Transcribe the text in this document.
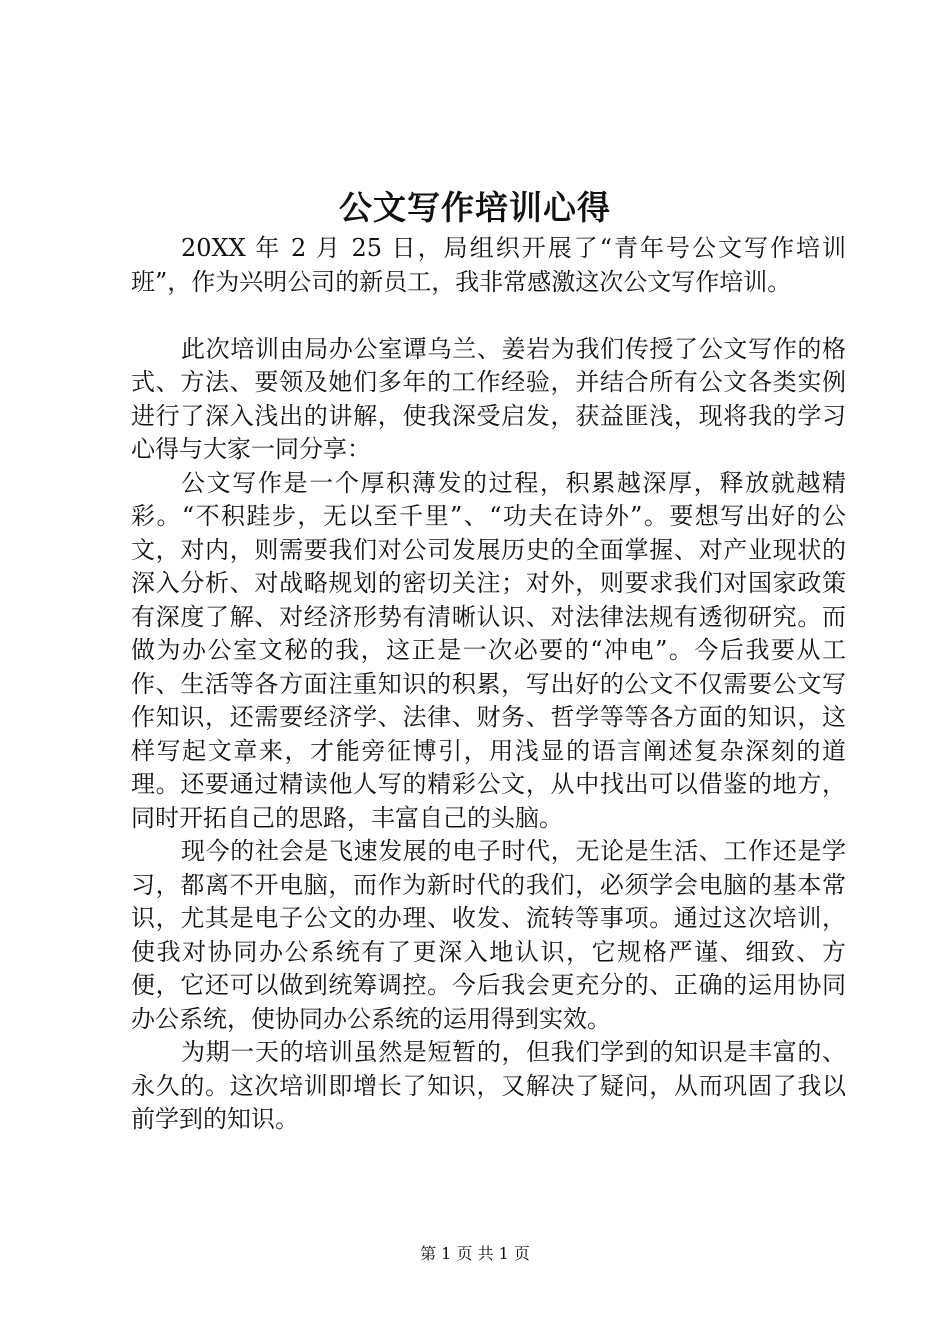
公文写作培训心得

20XX 年 2 月 25 日，局组织开展了“青年号公文写作培训班”，作为兴明公司的新员工，我非常感激这次公文写作培训。

此次培训由局办公室谭乌兰、姜岩为我们传授了公文写作的格式、方法、要领及她们多年的工作经验，并结合所有公文各类实例进行了深入浅出的讲解，使我深受启发，获益匪浅，现将我的学习心得与大家一同分享：

公文写作是一个厚积薄发的过程，积累越深厚，释放就越精彩。“不积跬步，无以至千里”、“功夫在诗外”。要想写出好的公文，对内，则需要我们对公司发展历史的全面掌握、对产业现状的深入分析、对战略规划的密切关注；对外，则要求我们对国家政策有深度了解、对经济形势有清晰认识、对法律法规有透彻研究。而做为办公室文秘的我，这正是一次必要的“冲电”。今后我要从工作、生活等各方面注重知识的积累，写出好的公文不仅需要公文写作知识，还需要经济学、法律、财务、哲学等等各方面的知识，这样写起文章来，才能旁征博引，用浅显的语言阐述复杂深刻的道理。还要通过精读他人写的精彩公文，从中找出可以借鉴的地方，同时开拓自己的思路，丰富自己的头脑。

现今的社会是飞速发展的电子时代，无论是生活、工作还是学习，都离不开电脑，而作为新时代的我们，必须学会电脑的基本常识，尤其是电子公文的办理、收发、流转等事项。通过这次培训，使我对协同办公系统有了更深入地认识，它规格严谨、细致、方便，它还可以做到统筹调控。今后我会更充分的、正确的运用协同办公系统，使协同办公系统的运用得到实效。

为期一天的培训虽然是短暂的，但我们学到的知识是丰富的、永久的。这次培训即增长了知识，又解决了疑问，从而巩固了我以前学到的知识。

第 1 页 共 1 页
